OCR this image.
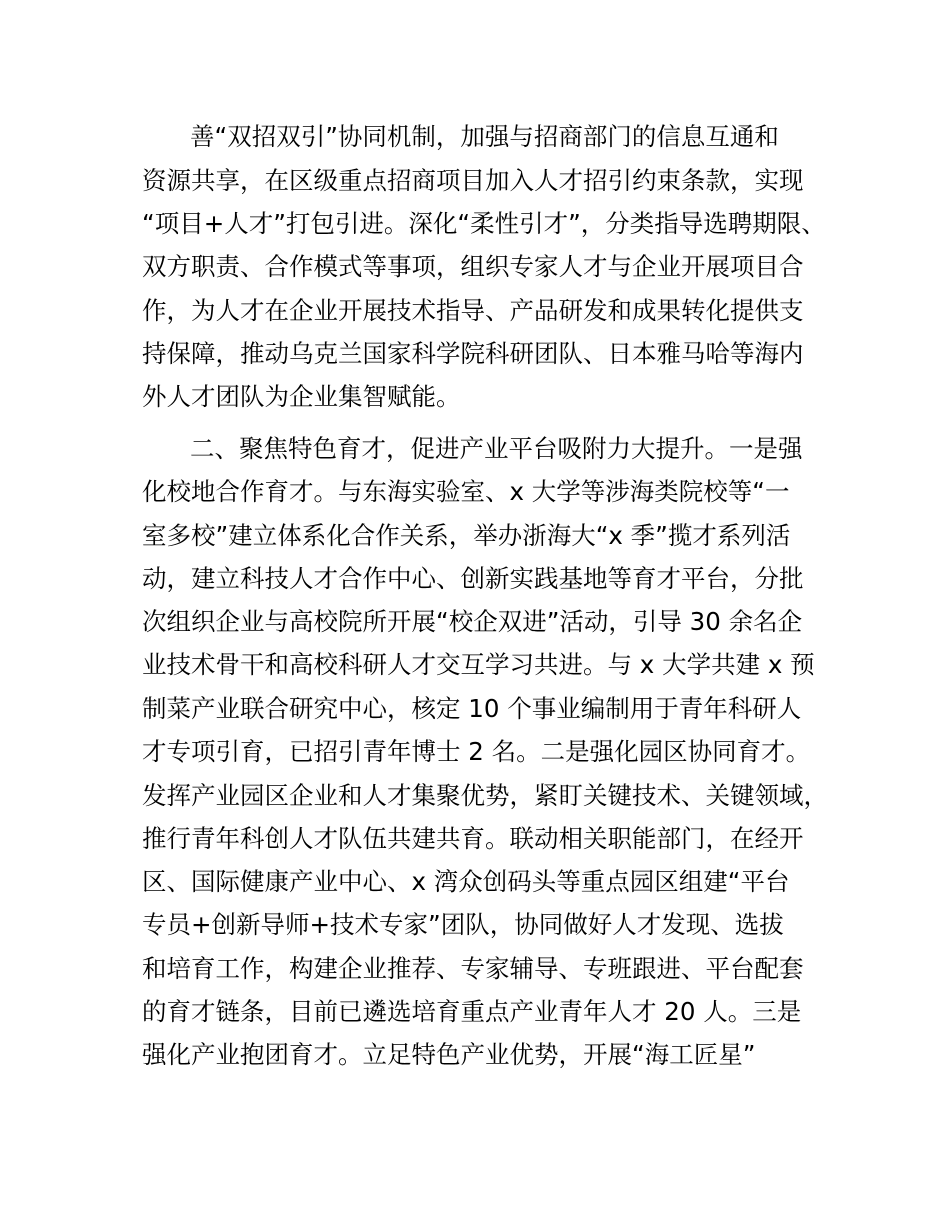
善“双招双引”协同机制，加强与招商部门的信息互通和
资源共享，在区级重点招商项目加入人才招引约束条款，实现
“项目+人才”打包引进。深化“柔性引才”，分类指导选聘期限、
双方职责、合作模式等事项，组织专家人才与企业开展项目合
作，为人才在企业开展技术指导、产品研发和成果转化提供支
持保障，推动乌克兰国家科学院科研团队、日本雅马哈等海内
外人才团队为企业集智赋能。
二、聚焦特色育才，促进产业平台吸附力大提升。一是强
化校地合作育才。与东海实验室、x 大学等涉海类院校等“一
室多校”建立体系化合作关系，举办浙海大“x 季”揽才系列活
动，建立科技人才合作中心、创新实践基地等育才平台，分批
次组织企业与高校院所开展“校企双进”活动，引导 30 余名企
业技术骨干和高校科研人才交互学习共进。与 x 大学共建 x 预
制菜产业联合研究中心，核定 10 个事业编制用于青年科研人
才专项引育，已招引青年博士 2 名。二是强化园区协同育才。
发挥产业园区企业和人才集聚优势，紧盯关键技术、关键领域，
推行青年科创人才队伍共建共育。联动相关职能部门，在经开
区、国际健康产业中心、x 湾众创码头等重点园区组建“平台
专员+创新导师+技术专家”团队，协同做好人才发现、选拔
和培育工作，构建企业推荐、专家辅导、专班跟进、平台配套
的育才链条，目前已遴选培育重点产业青年人才 20 人。三是
强化产业抱团育才。立足特色产业优势，开展“海工匠星”
